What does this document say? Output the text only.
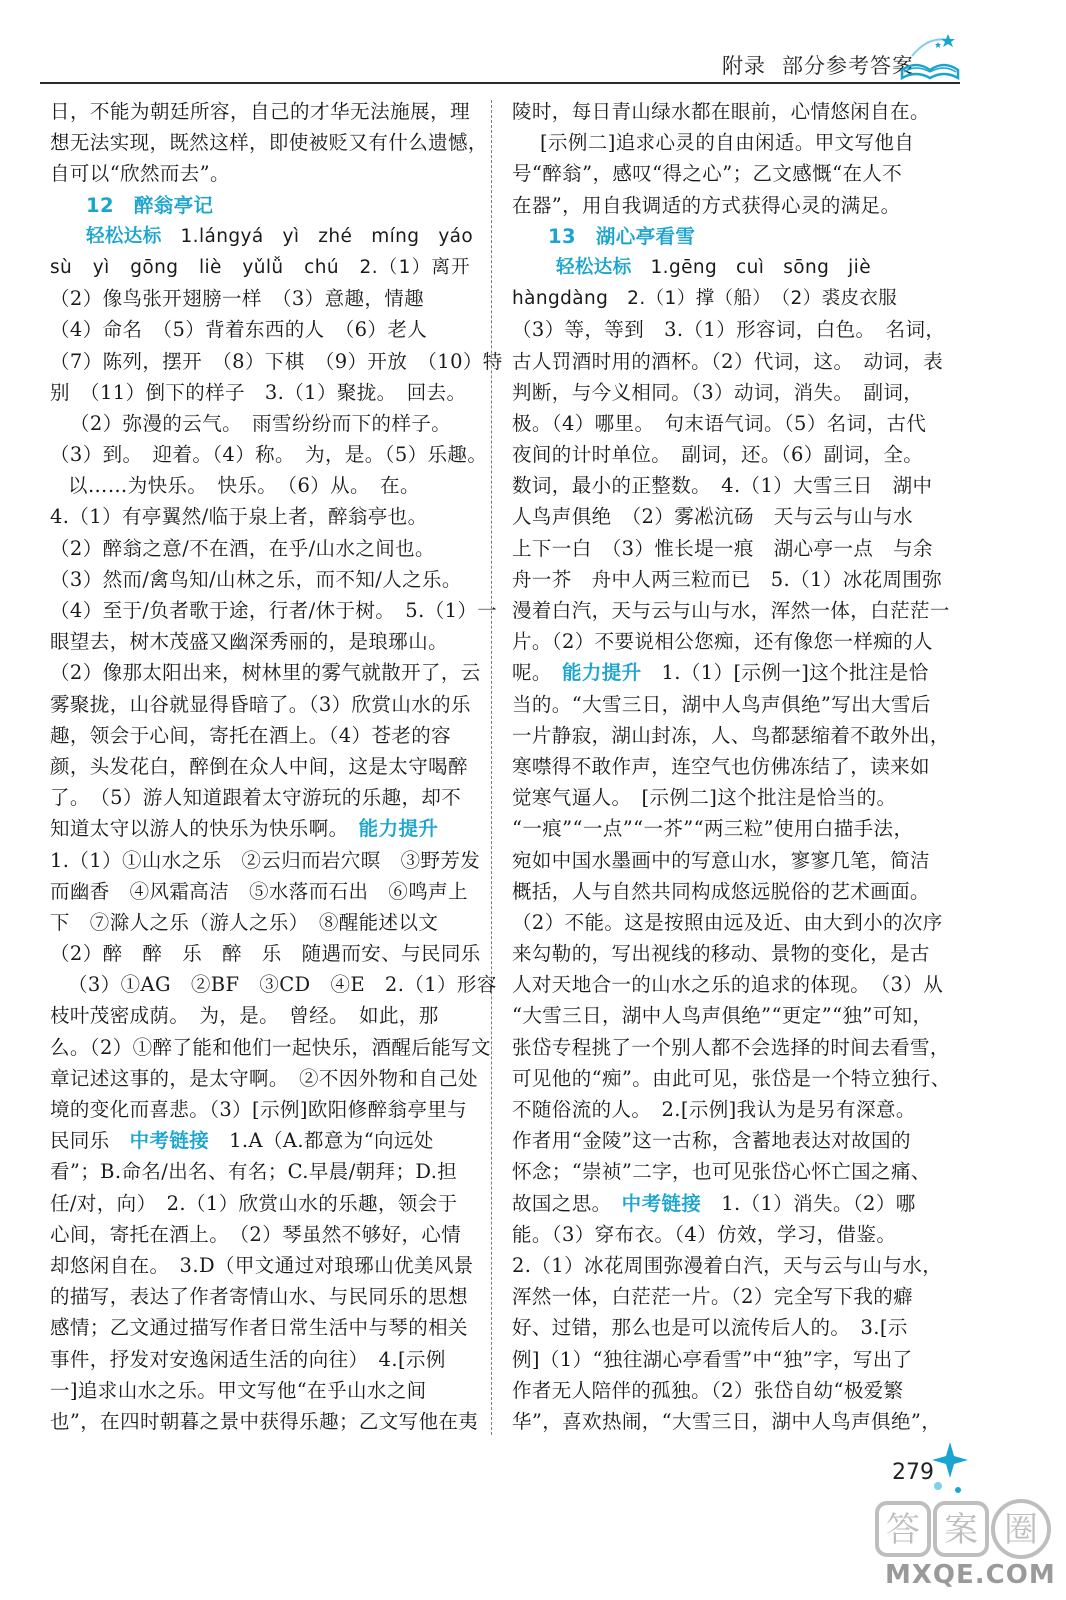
附录 部分参考答案
日，不能为朝廷所容，自己的才华无法施展，理
想无法实现，既然这样，即使被贬又有什么遗憾，
自可以“欣然而去”。
12　醉翁亭记
轻松达标　 1.lángyá　yì　zhé　míng　yáo
sù　yì　gōng　liè　yǔlǚ　chú　2.（1）离开
（2）像鸟张开翅膀一样　（3）意趣，情趣
（4）命名　（5）背着东西的人　（6）老人
（7）陈列，摆开　（8）下棋　（9）开放　（10）特
别　（11）倒下的样子　3.（1）聚拢。　回去。
（2）弥漫的云气。　雨雪纷纷而下的样子。
（3）到。　迎着。（4）称。　为，是。（5）乐趣。
以……为快乐。　快乐。　（6）从。　在。
4.（1）有亭翼然/临于泉上者，醉翁亭也。
（2）醉翁之意/不在酒，在乎/山水之间也。
（3）然而/禽鸟知/山林之乐，而不知/人之乐。
（4）至于/负者歌于途，行者/休于树。　5.（1）一
眼望去，树木茂盛又幽深秀丽的，是琅琊山。
（2）像那太阳出来，树林里的雾气就散开了，云
雾聚拢，山谷就显得昏暗了。（3）欣赏山水的乐
趣，领会于心间，寄托在酒上。（4）苍老的容
颜，头发花白，醉倒在众人中间，这是太守喝醉
了。　（5）游人知道跟着太守游玩的乐趣，却不
知道太守以游人的快乐为快乐啊。　 能力提升
1.（1）①山水之乐　②云归而岩穴暝　③野芳发
而幽香　④风霜高洁　⑤水落而石出　⑥鸣声上
下　⑦滁人之乐（游人之乐）　⑧醒能述以文
（2）醉　醉　乐　醉　乐　随遇而安、与民同乐
（3）①AG　②BF　③CD　④E　2.（1）形容
枝叶茂密成荫。　为，是。　曾经。　如此，那
么。（2）①醉了能和他们一起快乐，酒醒后能写文
章记述这事的，是太守啊。　②不因外物和自己处
境的变化而喜悲。（3）[示例]欧阳修醉翁亭里与
民同乐　 中考链接　 1.A（A.都意为“向远处
看”；B.命名/出名、有名；C.早晨/朝拜；D.担
任/对，向）　2.（1）欣赏山水的乐趣，领会于
心间，寄托在酒上。　（2）琴虽然不够好，心情
却悠闲自在。　3.D（甲文通过对琅琊山优美风景
的描写，表达了作者寄情山水、与民同乐的思想
感情；乙文通过描写作者日常生活中与琴的相关
事件，抒发对安逸闲适生活的向往）　4.[示例
一]追求山水之乐。甲文写他“在乎山水之间
也”，在四时朝暮之景中获得乐趣；乙文写他在夷
陵时，每日青山绿水都在眼前，心情悠闲自在。
[示例二]追求心灵的自由闲适。甲文写他自
号“醉翁”，感叹“得之心”；乙文感慨“在人不
在器”，用自我调适的方式获得心灵的满足。
13　湖心亭看雪
轻松达标　 1.gēng　cuì　sōng　jiè
hàngdàng　2.（1）撑（船）　（2）裘皮衣服
（3）等，等到　3.（1）形容词，白色。　名词，
古人罚酒时用的酒杯。（2）代词，这。　动词，表
判断，与今义相同。（3）动词，消失。　副词，
极。（4）哪里。　句末语气词。（5）名词，古代
夜间的计时单位。　副词，还。（6）副词，全。
数词，最小的正整数。　4.（1）大雪三日　湖中
人鸟声俱绝　（2）雾凇沆砀　天与云与山与水
上下一白　（3）惟长堤一痕　湖心亭一点　与余
舟一芥　舟中人两三粒而已　5.（1）冰花周围弥
漫着白汽，天与云与山与水，浑然一体，白茫茫一
片。（2）不要说相公您痴，还有像您一样痴的人
呢。　 能力提升　 1.（1）[示例一]这个批注是恰
当的。“大雪三日，湖中人鸟声俱绝”写出大雪后
一片静寂，湖山封冻，人、鸟都瑟缩着不敢外出，
寒噤得不敢作声，连空气也仿佛冻结了，读来如
觉寒气逼人。　[示例二]这个批注是恰当的。
“一痕”“一点”“一芥”“两三粒”使用白描手法，
宛如中国水墨画中的写意山水，寥寥几笔，简洁
概括，人与自然共同构成悠远脱俗的艺术画面。
（2）不能。这是按照由远及近、由大到小的次序
来勾勒的，写出视线的移动、景物的变化，是古
人对天地合一的山水之乐的追求的体现。　（3）从
“大雪三日，湖中人鸟声俱绝”“更定”“独”可知，
张岱专程挑了一个别人都不会选择的时间去看雪，
可见他的“痴”。由此可见，张岱是一个特立独行、
不随俗流的人。　2.[示例]我认为是另有深意。
作者用“金陵”这一古称，含蓄地表达对故国的
怀念；“崇祯”二字，也可见张岱心怀亡国之痛、
故国之思。　 中考链接　 1.（1）消失。（2）哪
能。（3）穿布衣。（4）仿效，学习，借鉴。
2.（1）冰花周围弥漫着白汽，天与云与山与水，
浑然一体，白茫茫一片。（2）完全写下我的癖
好、过错，那么也是可以流传后人的。　3.[示
例]（1）“独往湖心亭看雪”中“独”字，写出了
作者无人陪伴的孤独。（2）张岱自幼“极爱繁
华”，喜欢热闹，“大雪三日，湖中人鸟声俱绝”，
279
答 案 圈
MXQE.COM
